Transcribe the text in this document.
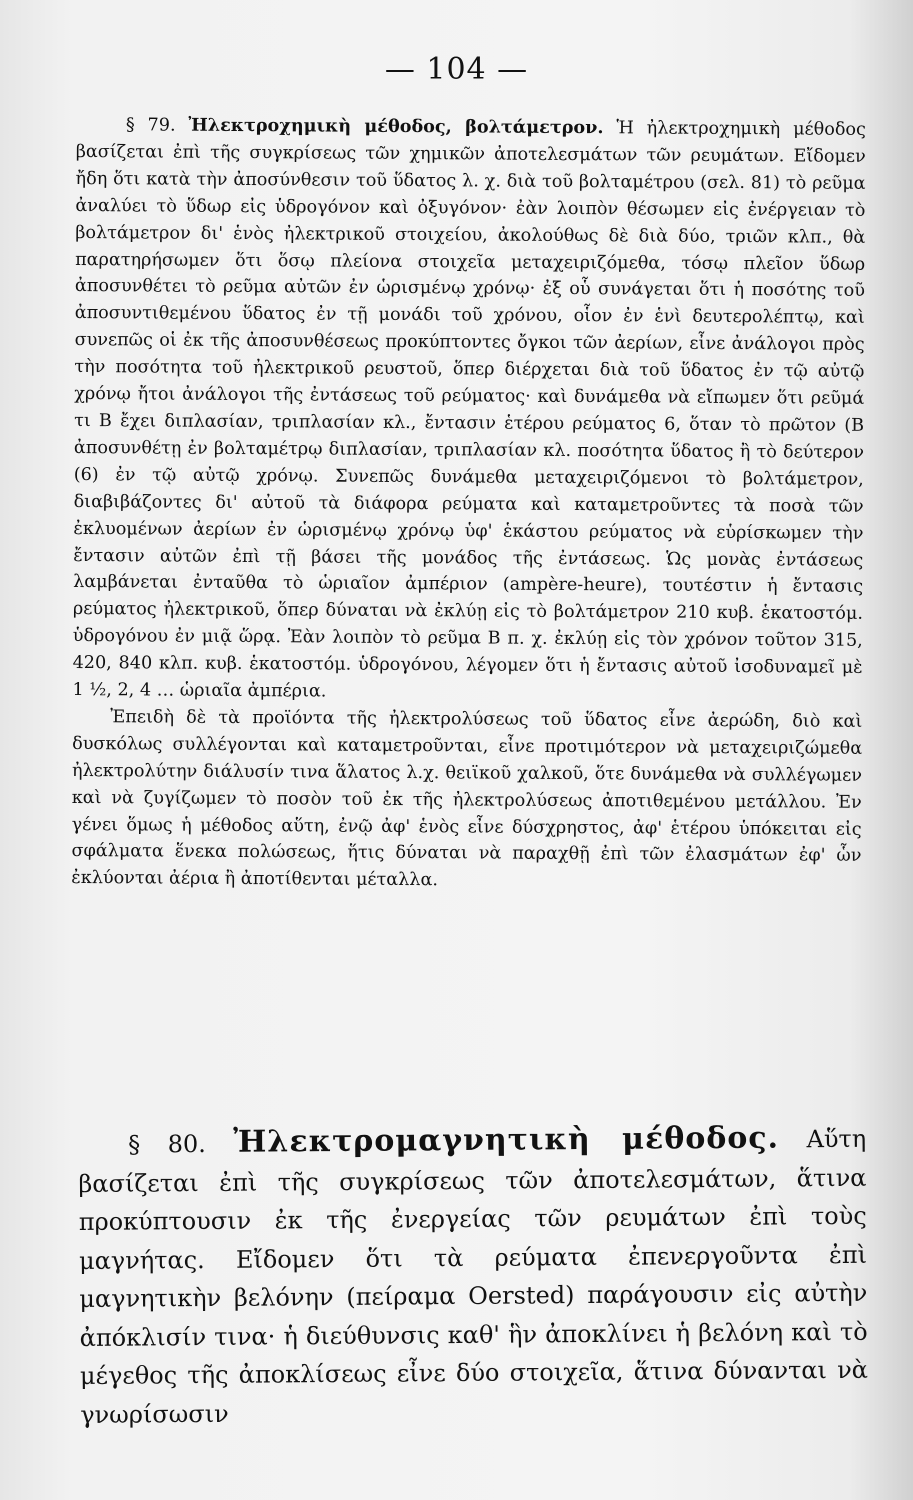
— 104 —

§ 79. Ἠλεκτροχημικὴ μέθοδος, βολτάμετρον. Ἡ ἠλεκτροχημικὴ μέθοδος βασίζεται ἐπὶ τῆς συγκρίσεως τῶν χημικῶν ἀποτελεσμάτων τῶν ρευμάτων. Εἴδομεν ἤδη ὅτι κατὰ τὴν ἀποσύνθεσιν τοῦ ὕδατος λ. χ. διὰ τοῦ βολταμέτρου (σελ. 81) τὸ ρεῦμα ἀναλύει τὸ ὕδωρ εἰς ὑδρογόνον καὶ ὀξυγόνον· ἐὰν λοιπὸν θέσωμεν εἰς ἐνέργειαν τὸ βολτάμετρον δι' ἑνὸς ἠλεκτρικοῦ στοιχείου, ἀκολούθως δὲ διὰ δύο, τριῶν κλπ., θὰ παρατηρήσωμεν ὅτι ὅσῳ πλείονα στοιχεῖα μεταχειριζόμεθα, τόσῳ πλεῖον ὕδωρ ἀποσυνθέτει τὸ ρεῦμα αὐτῶν ἐν ὡρισμένῳ χρόνῳ· ἐξ οὗ συνάγεται ὅτι ἡ ποσότης τοῦ ἀποσυντιθεμένου ὕδατος ἐν τῇ μονάδι τοῦ χρόνου, οἷον ἐν ἑνὶ δευτερολέπτῳ, καὶ συνεπῶς οἱ ἐκ τῆς ἀποσυνθέσεως προκύπτοντες ὄγκοι τῶν ἀερίων, εἶνε ἀνάλογοι πρὸς τὴν ποσότητα τοῦ ἠλεκτρικοῦ ρευστοῦ, ὅπερ διέρχεται διὰ τοῦ ὕδατος ἐν τῷ αὐτῷ χρόνῳ ἤτοι ἀνάλογοι τῆς ἐντάσεως τοῦ ρεύματος· καὶ δυνάμεθα νὰ εἴπωμεν ὅτι ρεῦμά τι Β ἔχει διπλασίαν, τριπλασίαν κλ., ἔντασιν ἑτέρου ρεύματος 6, ὅταν τὸ πρῶτον (Β ἀποσυνθέτῃ ἐν βολταμέτρῳ διπλασίαν, τριπλασίαν κλ. ποσότητα ὕδατος ἢ τὸ δεύτερον (6) ἐν τῷ αὐτῷ χρόνῳ. Συνεπῶς δυνάμεθα μεταχειριζόμενοι τὸ βολτάμετρον, διαβιβάζοντες δι' αὐτοῦ τὰ διάφορα ρεύματα καὶ καταμετροῦντες τὰ ποσὰ τῶν ἐκλυομένων ἀερίων ἐν ὡρισμένῳ χρόνῳ ὑφ' ἑκάστου ρεύματος νὰ εὑρίσκωμεν τὴν ἔντασιν αὐτῶν ἐπὶ τῇ βάσει τῆς μονάδος τῆς ἐντάσεως. Ὡς μονὰς ἐντάσεως λαμβάνεται ἐνταῦθα τὸ ὡριαῖον ἀμπέριον (ampère-heure), τουτέστιν ἡ ἔντασις ρεύματος ἠλεκτρικοῦ, ὅπερ δύναται νὰ ἐκλύῃ εἰς τὸ βολτάμετρον 210 κυβ. ἑκατοστόμ. ὑδρογόνου ἐν μιᾷ ὥρᾳ. Ἐὰν λοιπὸν τὸ ρεῦμα Β π. χ. ἐκλύῃ εἰς τὸν χρόνον τοῦτον 315, 420, 840 κλπ. κυβ. ἑκατοστόμ. ὑδρογόνου, λέγομεν ὅτι ἡ ἔντασις αὐτοῦ ἰσοδυναμεῖ μὲ 1 ½, 2, 4 … ὡριαῖα ἀμπέρια.

Ἐπειδὴ δὲ τὰ προϊόντα τῆς ἠλεκτρολύσεως τοῦ ὕδατος εἶνε ἀερώδη, διὸ καὶ δυσκόλως συλλέγονται καὶ καταμετροῦνται, εἶνε προτιμότερον νὰ μεταχειριζώμεθα ἠλεκτρολύτην διάλυσίν τινα ἅλατος λ.χ. θειϊκοῦ χαλκοῦ, ὅτε δυνάμεθα νὰ συλλέγωμεν καὶ νὰ ζυγίζωμεν τὸ ποσὸν τοῦ ἐκ τῆς ἠλεκτρολύσεως ἀποτιθεμένου μετάλλου. Ἐν γένει ὅμως ἡ μέθοδος αὕτη, ἐνῷ ἀφ' ἑνὸς εἶνε δύσχρηστος, ἀφ' ἑτέρου ὑπόκειται εἰς σφάλματα ἕνεκα πολώσεως, ἥτις δύναται νὰ παραχθῇ ἐπὶ τῶν ἐλασμάτων ἐφ' ὧν ἐκλύονται ἀέρια ἢ ἀποτίθενται μέταλλα.

§ 80. Ἠλεκτρομαγνητικὴ μέθοδος. Αὕτη βασίζεται ἐπὶ τῆς συγκρίσεως τῶν ἀποτελεσμάτων, ἅτινα προκύπτουσιν ἐκ τῆς ἐνεργείας τῶν ρευμάτων ἐπὶ τοὺς μαγνήτας. Εἴδομεν ὅτι τὰ ρεύματα ἐπενεργοῦντα ἐπὶ μαγνητικὴν βελόνην (πείραμα Oersted) παράγουσιν εἰς αὐτὴν ἀπόκλισίν τινα· ἡ διεύθυνσις καθ' ἣν ἀποκλίνει ἡ βελόνη καὶ τὸ μέγεθος τῆς ἀποκλίσεως εἶνε δύο στοιχεῖα, ἅτινα δύνανται νὰ γνωρίσωσιν
